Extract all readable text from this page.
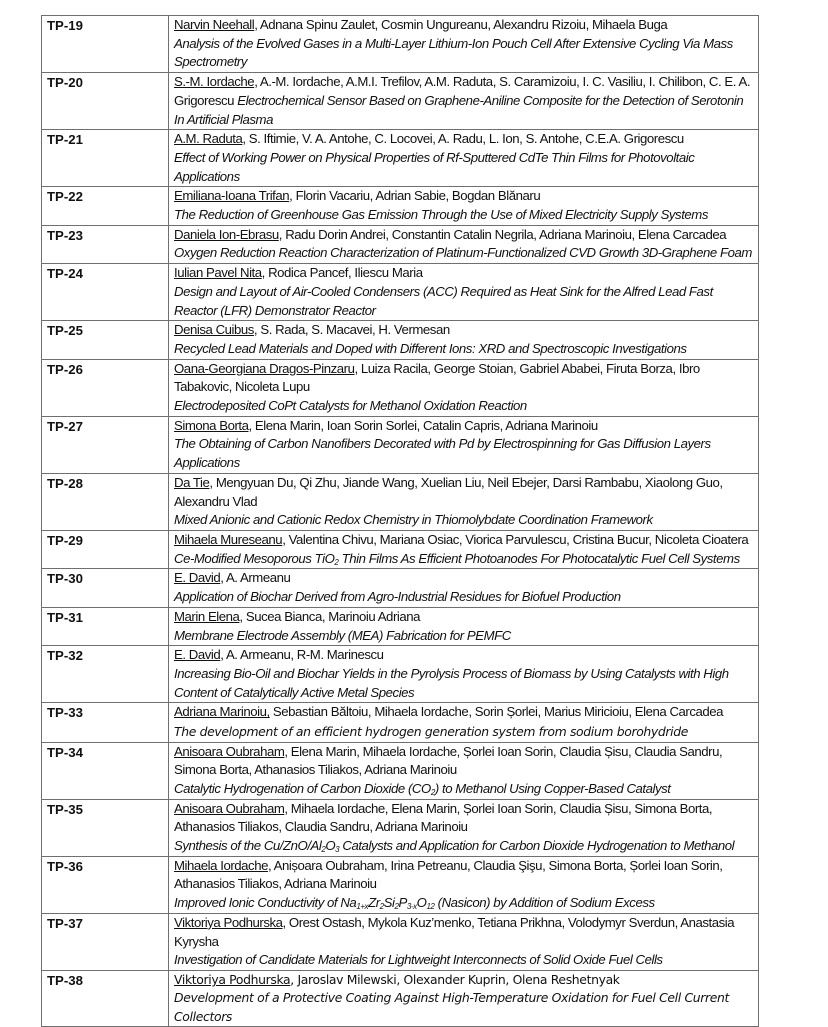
TP-19	Narvin Neehall, Adnana Spinu Zaulet, Cosmin Ungureanu, Alexandru Rizoiu, Mihaela Buga
Analysis of the Evolved Gases in a Multi-Layer Lithium-Ion Pouch Cell After Extensive Cycling Via Mass Spectrometry

TP-20	S.-M. Iordache, A.-M. Iordache, A.M.I. Trefilov, A.M. Raduta, S. Caramizoiu, I. C. Vasiliu, I. Chilibon, C. E. A. Grigorescu Electrochemical Sensor Based on Graphene-Aniline Composite for the Detection of Serotonin In Artificial Plasma
TP-21	A.M. Raduta, S. Iftimie, V. A. Antohe, C. Locovei, A. Radu, L. Ion, S. Antohe, C.E.A. Grigorescu
Effect of Working Power on Physical Properties of Rf-Sputtered CdTe Thin Films for Photovoltaic Applications

TP-22	Emiliana-Ioana Trifan, Florin Vacariu, Adrian Sabie, Bogdan Blănaru
The Reduction of Greenhouse Gas Emission Through the Use of Mixed Electricity Supply Systems

TP-23	Daniela Ion-Ebrasu, Radu Dorin Andrei, Constantin Catalin Negrila, Adriana Marinoiu, Elena Carcadea
Oxygen Reduction Reaction Characterization of Platinum-Functionalized CVD Growth 3D-Graphene Foam

TP-24	Iulian Pavel Nita, Rodica Pancef, Iliescu Maria
Design and Layout of Air-Cooled Condensers (ACC) Required as Heat Sink for the Alfred Lead Fast Reactor (LFR) Demonstrator Reactor

TP-25	Denisa Cuibus, S. Rada, S. Macavei, H. Vermesan
Recycled Lead Materials and Doped with Different Ions: XRD and Spectroscopic Investigations

TP-26	Oana-Georgiana Dragos-Pinzaru, Luiza Racila, George Stoian, Gabriel Ababei, Firuta Borza, Ibro Tabakovic, Nicoleta Lupu
Electrodeposited CoPt Catalysts for Methanol Oxidation Reaction

TP-27	Simona Borta, Elena Marin, Ioan Sorin Sorlei, Catalin Capris, Adriana Marinoiu
The Obtaining of Carbon Nanofibers Decorated with Pd by Electrospinning for Gas Diffusion Layers Applications

TP-28	Da Tie, Mengyuan Du, Qi Zhu, Jiande Wang, Xuelian Liu, Neil Ebejer, Darsi Rambabu, Xiaolong Guo, Alexandru Vlad
Mixed Anionic and Cationic Redox Chemistry in Thiomolybdate Coordination Framework

TP-29	Mihaela Mureseanu, Valentina Chivu, Mariana Osiac, Viorica Parvulescu, Cristina Bucur, Nicoleta Cioatera
Ce-Modified Mesoporous TiO$_2$ Thin Films As Efficient Photoanodes For Photocatalytic Fuel Cell Systems

TP-30	E. David, A. Armeanu
Application of Biochar Derived from Agro-Industrial Residues for Biofuel Production

TP-31	Marin Elena, Sucea Bianca, Marinoiu Adriana
Membrane Electrode Assembly (MEA) Fabrication for PEMFC

TP-32	E. David, A. Armeanu, R-M. Marinescu
Increasing Bio-Oil and Biochar Yields in the Pyrolysis Process of Biomass by Using Catalysts with High Content of Catalytically Active Metal Species

TP-33	Adriana Marinoiu, Sebastian Băltoiu, Mihaela Iordache, Sorin Șorlei, Marius Miricioiu, Elena Carcadea
The development of an efficient hydrogen generation system from sodium borohydride

TP-34	Anisoara Oubraham, Elena Marin, Mihaela Iordache, Șorlei Ioan Sorin, Claudia Șisu, Claudia Sandru, Simona Borta, Athanasios Tiliakos, Adriana Marinoiu
Catalytic Hydrogenation of Carbon Dioxide $(CO_2)$ to Methanol Using Copper-Based Catalyst

TP-35	Anisoara Oubraham, Mihaela Iordache, Elena Marin, Șorlei Ioan Sorin, Claudia Șisu, Simona Borta, Athanasios Tiliakos, Claudia Sandru, Adriana Marinoiu
Synthesis of the $Cu/ZnO/Al_2O_3$ Catalysts and Application for Carbon Dioxide Hydrogenation to Methanol

TP-36	Mihaela Iordache, Anișoara Oubraham, Irina Petreanu, Claudia Şişu, Simona Borta, Șorlei Ioan Sorin, Athanasios Tiliakos, Adriana Marinoiu
Improved Ionic Conductivity of $Na_{1+x}Zr_2Si_2P_{3-x}O_{12}$ (Nasicon) by Addition of Sodium Excess

TP-37	Viktoriya Podhurska, Orest Ostash, Mykola Kuz’menko, Tetiana Prikhna, Volodymyr Sverdun, Anastasia Kyrysha
Investigation of Candidate Materials for Lightweight Interconnects of Solid Oxide Fuel Cells

TP-38	Viktoriya Podhurska, Jaroslav Milewski, Olexander Kuprin, Olena Reshetnyak
Development of a Protective Coating Against High-Temperature Oxidation for Fuel Cell Current Collectors
